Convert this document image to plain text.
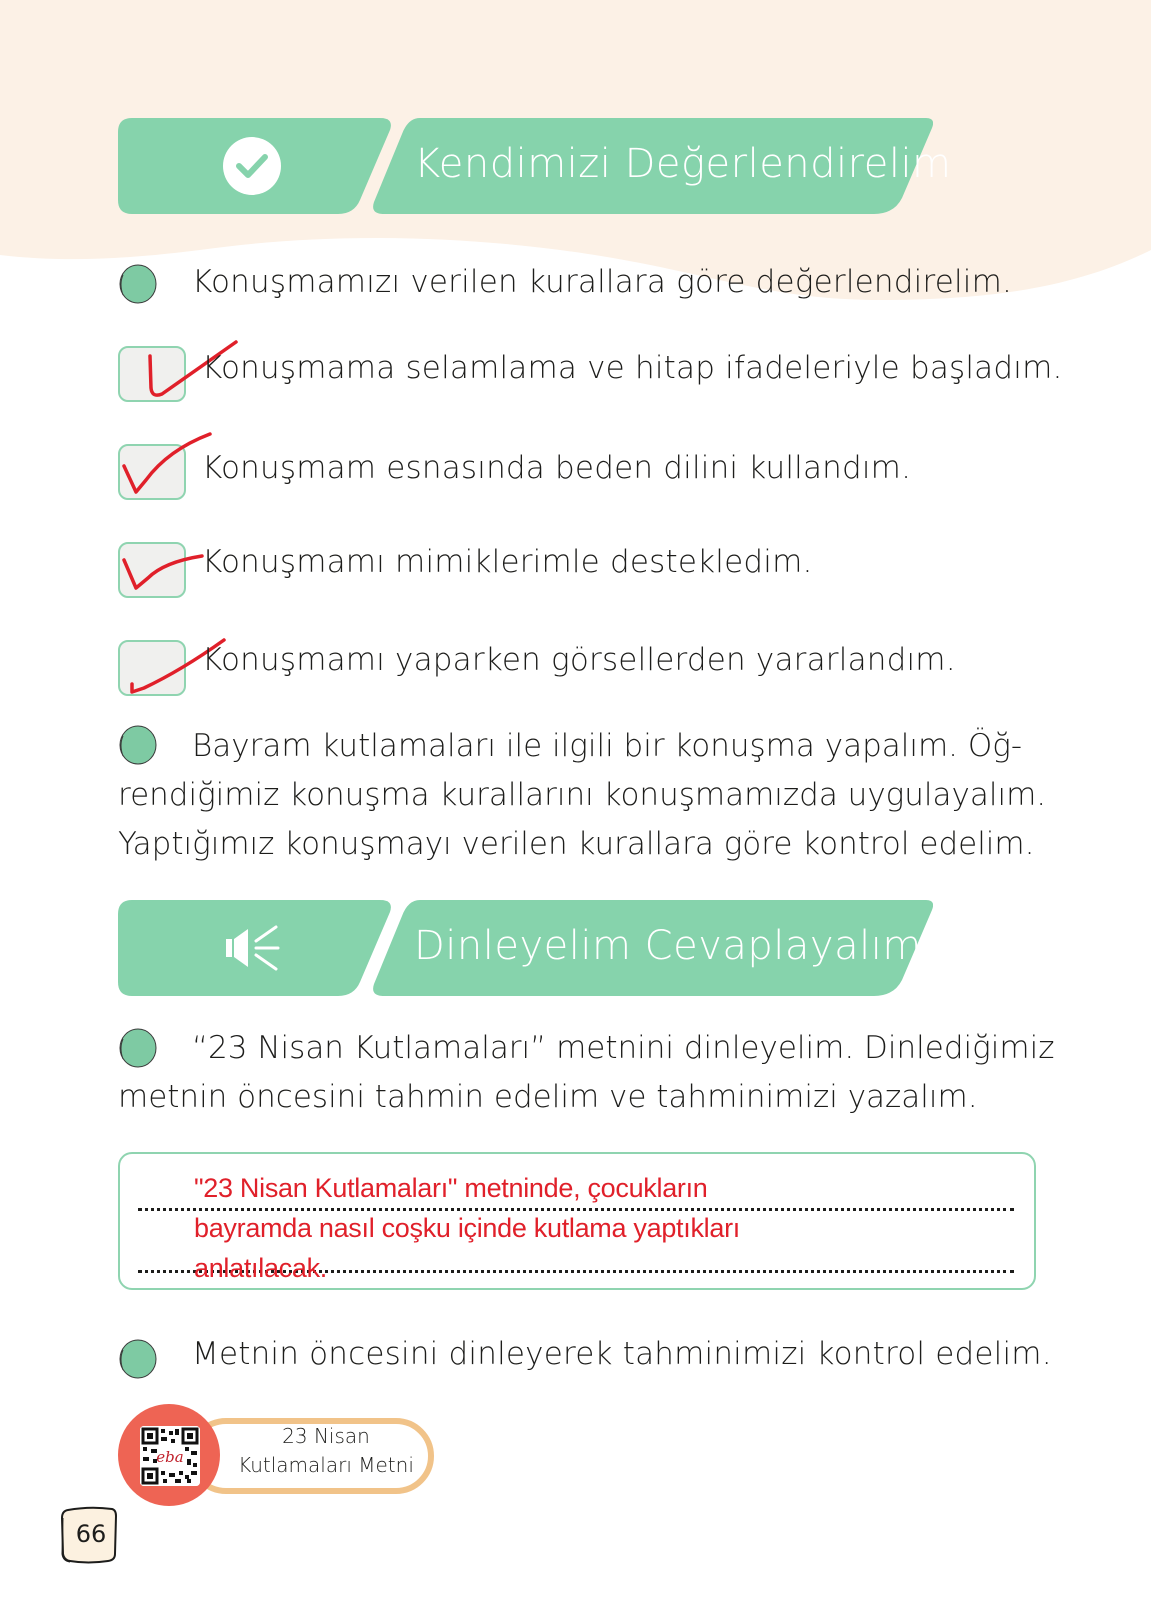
Kendimizi Değerlendirelim
Konuşmamızı verilen kurallara göre değerlendirelim.
Konuşmama selamlama ve hitap ifadeleriyle başladım.
Konuşmam esnasında beden dilini kullandım.
Konuşmamı mimiklerimle destekledim.
Konuşmamı yaparken görsellerden yararlandım.
Bayram kutlamaları ile ilgili bir konuşma yapalım. Öğ-
rendiğimiz konuşma kurallarını konuşmamızda uygulayalım.
Yaptığımız konuşmayı verilen kurallara göre kontrol edelim.
Dinleyelim Cevaplayalım
“23 Nisan Kutlamaları” metnini dinleyelim. Dinlediğimiz
metnin öncesini tahmin edelim ve tahminimizi yazalım.
"23 Nisan Kutlamaları" metninde, çocukların
bayramda nasıl coşku içinde kutlama yaptıkları
anlatılacak.
Metnin öncesini dinleyerek tahminimizi kontrol edelim.
23 Nisan
Kutlamaları Metni
eba
66
